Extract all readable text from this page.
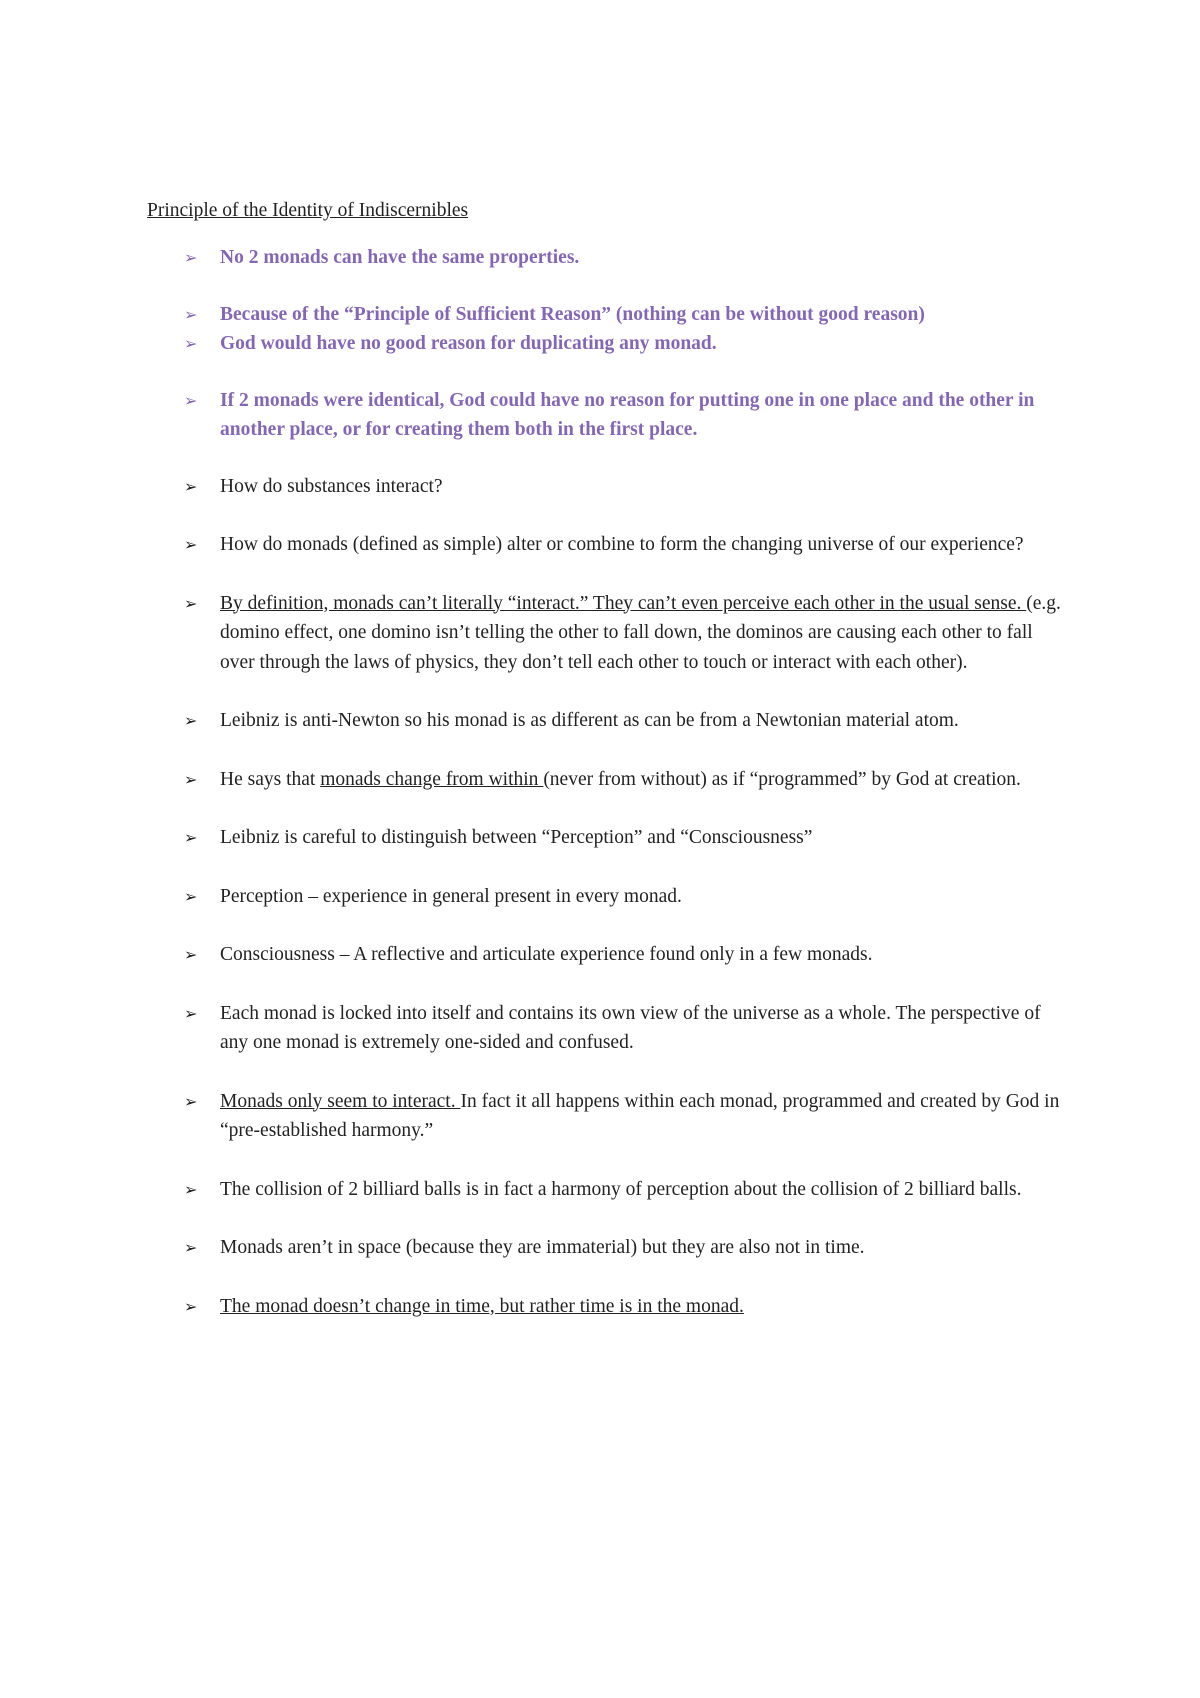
Principle of the Identity of Indiscernibles
➢ No 2 monads can have the same properties.
➢ Because of the “Principle of Sufficient Reason” (nothing can be without good reason)
➢ God would have no good reason for duplicating any monad.
➢ If 2 monads were identical, God could have no reason for putting one in one place and the other in another place, or for creating them both in the first place.
➢ How do substances interact?
➢ How do monads (defined as simple) alter or combine to form the changing universe of our experience?
➢ By definition, monads can’t literally “interact.” They can’t even perceive each other in the usual sense. (e.g. domino effect, one domino isn’t telling the other to fall down, the dominos are causing each other to fall over through the laws of physics, they don’t tell each other to touch or interact with each other).
➢ Leibniz is anti-Newton so his monad is as different as can be from a Newtonian material atom.
➢ He says that monads change from within (never from without) as if “programmed” by God at creation.
➢ Leibniz is careful to distinguish between “Perception” and “Consciousness”
➢ Perception – experience in general present in every monad.
➢ Consciousness – A reflective and articulate experience found only in a few monads.
➢ Each monad is locked into itself and contains its own view of the universe as a whole. The perspective of any one monad is extremely one-sided and confused.
➢ Monads only seem to interact. In fact it all happens within each monad, programmed and created by God in “pre-established harmony.”
➢ The collision of 2 billiard balls is in fact a harmony of perception about the collision of 2 billiard balls.
➢ Monads aren’t in space (because they are immaterial) but they are also not in time.
➢ The monad doesn’t change in time, but rather time is in the monad.
